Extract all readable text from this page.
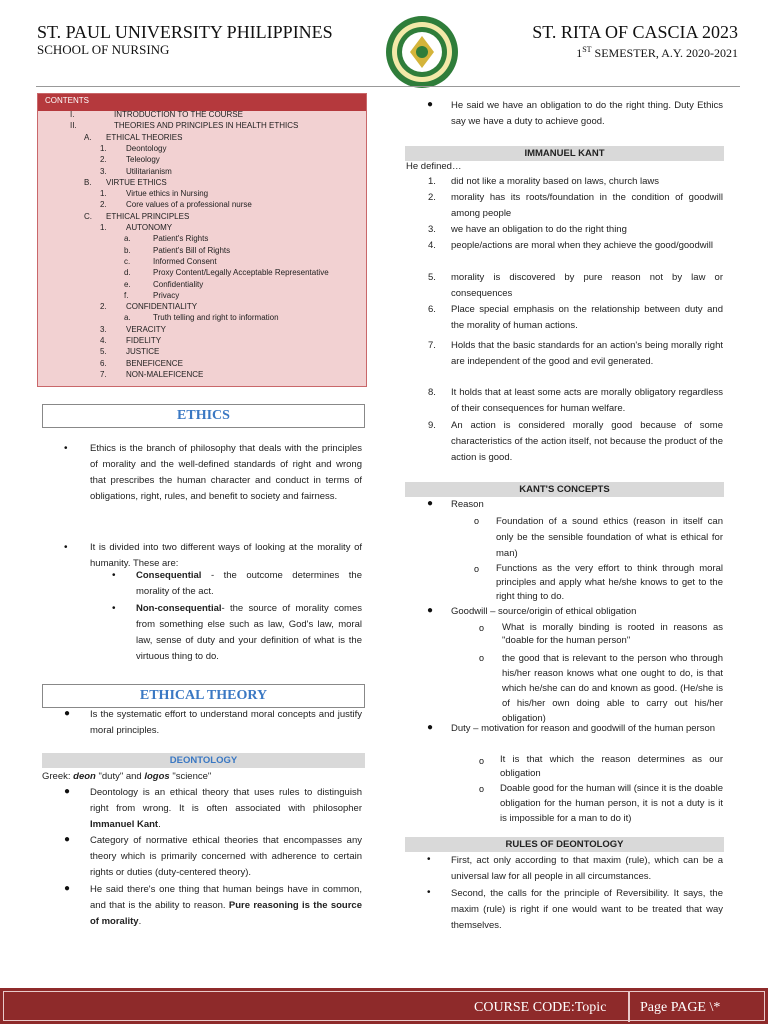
ST. PAUL UNIVERSITY PHILIPPINES
SCHOOL OF NURSING
ST. RITA OF CASCIA 2023
1ST SEMESTER, A.Y. 2020-2021
CONTENTS
I.	INTRODUCTION TO THE COURSE
II.	THEORIES AND PRINCIPLES IN HEALTH ETHICS
A. ETHICAL THEORIES
1. Deontology
2. Teleology
3. Utilitarianism
B. VIRTUE ETHICS
1. Virtue ethics in Nursing
2. Core values of a professional nurse
C. ETHICAL PRINCIPLES
1. AUTONOMY
a.	Patient's Rights
b.	Patient's Bill of Rights
c.	Informed Consent
d.	Proxy Content/Legally Acceptable Representative
e.	Confidentiality
f.	Privacy
2. CONFIDENTIALITY
a.	Truth telling and right to information
3. VERACITY
4. FIDELITY
5. JUSTICE
6. BENEFICENCE
7. NON-MALEFICENCE
ETHICS
• Ethics is the branch of philosophy that deals with the principles of morality and the well-defined standards of right and wrong that prescribes the human character and conduct in terms of obligations, right, rules, and benefit to society and fairness.
• It is divided into two different ways of looking at the morality of humanity. These are:
• Consequential - the outcome determines the morality of the act.
• Non-consequential- the source of morality comes from something else such as law, God's law, moral law, sense of duty and your definition of what is the virtuous thing to do.
ETHICAL THEORY
● Is the systematic effort to understand moral concepts and justify moral principles.
DEONTOLOGY
Greek: deon "duty" and logos "science"
● Deontology is an ethical theory that uses rules to distinguish right from wrong. It is often associated with philosopher Immanuel Kant.
● Category of normative ethical theories that encompasses any theory which is primarily concerned with adherence to certain rights or duties (duty-centered theory).
● He said there's one thing that human beings have in common, and that is the ability to reason. Pure reasoning is the source of morality.
● He said we have an obligation to do the right thing. Duty Ethics say we have a duty to achieve good.
IMMANUEL KANT
He defined…
1. did not like a morality based on laws, church laws
2. morality has its roots/foundation in the condition of goodwill among people
3. we have an obligation to do the right thing
4. people/actions are moral when they achieve the good/goodwill
5. morality is discovered by pure reason not by law or consequences
6. Place special emphasis on the relationship between duty and the morality of human actions.
7. Holds that the basic standards for an action's being morally right are independent of the good and evil generated.
8. It holds that at least some acts are morally obligatory regardless of their consequences for human welfare.
9. An action is considered morally good because of some characteristics of the action itself, not because the product of the action is good.
KANT'S CONCEPTS
● Reason
o Foundation of a sound ethics (reason in itself can only be the sensible foundation of what is ethical for man)
o Functions as the very effort to think through moral principles and apply what he/she knows to get to the right thing to do.
● Goodwill – source/origin of ethical obligation
o What is morally binding is rooted in reasons as "doable for the human person"
o the good that is relevant to the person who through his/her reason knows what one ought to do, is that which he/she can do and known as good. (He/she is of his/her own doing able to carry out his/her obligation)
● Duty – motivation for reason and goodwill of the human person
o It is that which the reason determines as our obligation
o Doable good for the human will (since it is the doable obligation for the human person, it is not a duty is it is impossible for a man to do it)
RULES OF DEONTOLOGY
• First, act only according to that maxim (rule), which can be a universal law for all people in all circumstances.
• Second, the calls for the principle of Reversibility. It says, the maxim (rule) is right if one would want to be treated that way themselves.
COURSE CODE:Topic Page PAGE \*
